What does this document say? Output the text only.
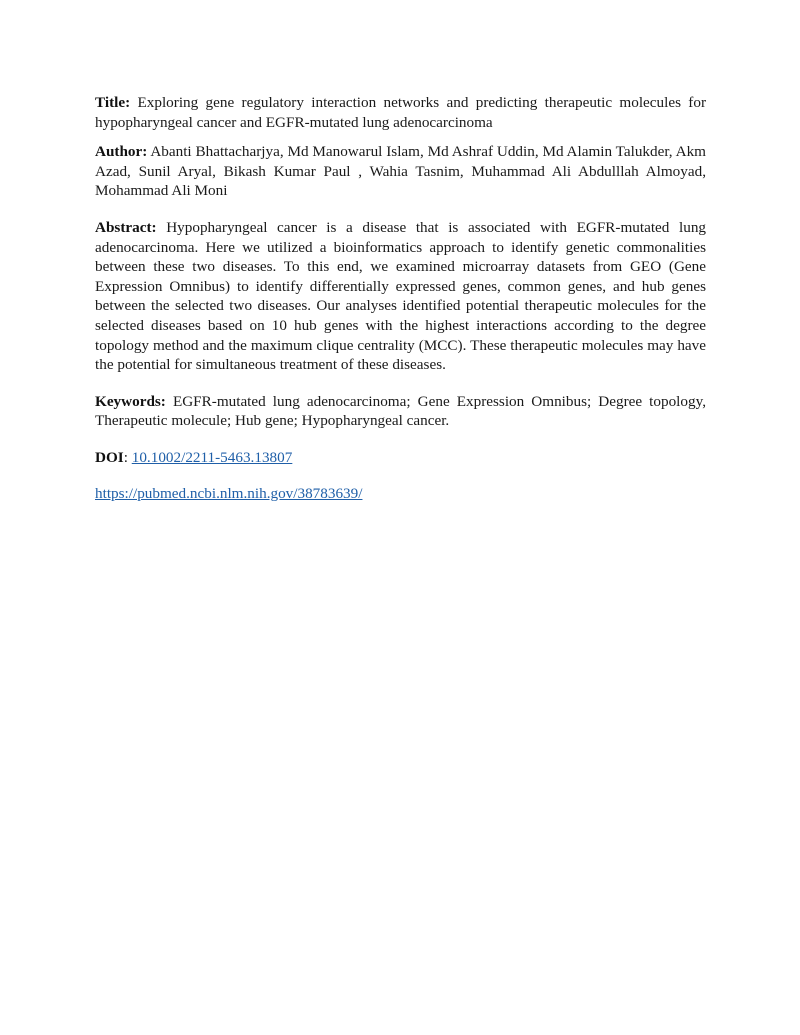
Title: Exploring gene regulatory interaction networks and predicting therapeutic molecules for hypopharyngeal cancer and EGFR-mutated lung adenocarcinoma

Author: Abanti Bhattacharjya, Md Manowarul Islam, Md Ashraf Uddin, Md Alamin Talukder, Akm Azad, Sunil Aryal, Bikash Kumar Paul , Wahia Tasnim, Muhammad Ali Abdulllah Almoyad, Mohammad Ali Moni

Abstract: Hypopharyngeal cancer is a disease that is associated with EGFR-mutated lung adenocarcinoma. Here we utilized a bioinformatics approach to identify genetic commonalities between these two diseases. To this end, we examined microarray datasets from GEO (Gene Expression Omnibus) to identify differentially expressed genes, common genes, and hub genes between the selected two diseases. Our analyses identified potential therapeutic molecules for the selected diseases based on 10 hub genes with the highest interactions according to the degree topology method and the maximum clique centrality (MCC). These therapeutic molecules may have the potential for simultaneous treatment of these diseases.

Keywords: EGFR-mutated lung adenocarcinoma; Gene Expression Omnibus; Degree topology, Therapeutic molecule; Hub gene; Hypopharyngeal cancer.

DOI: 10.1002/2211-5463.13807

https://pubmed.ncbi.nlm.nih.gov/38783639/
